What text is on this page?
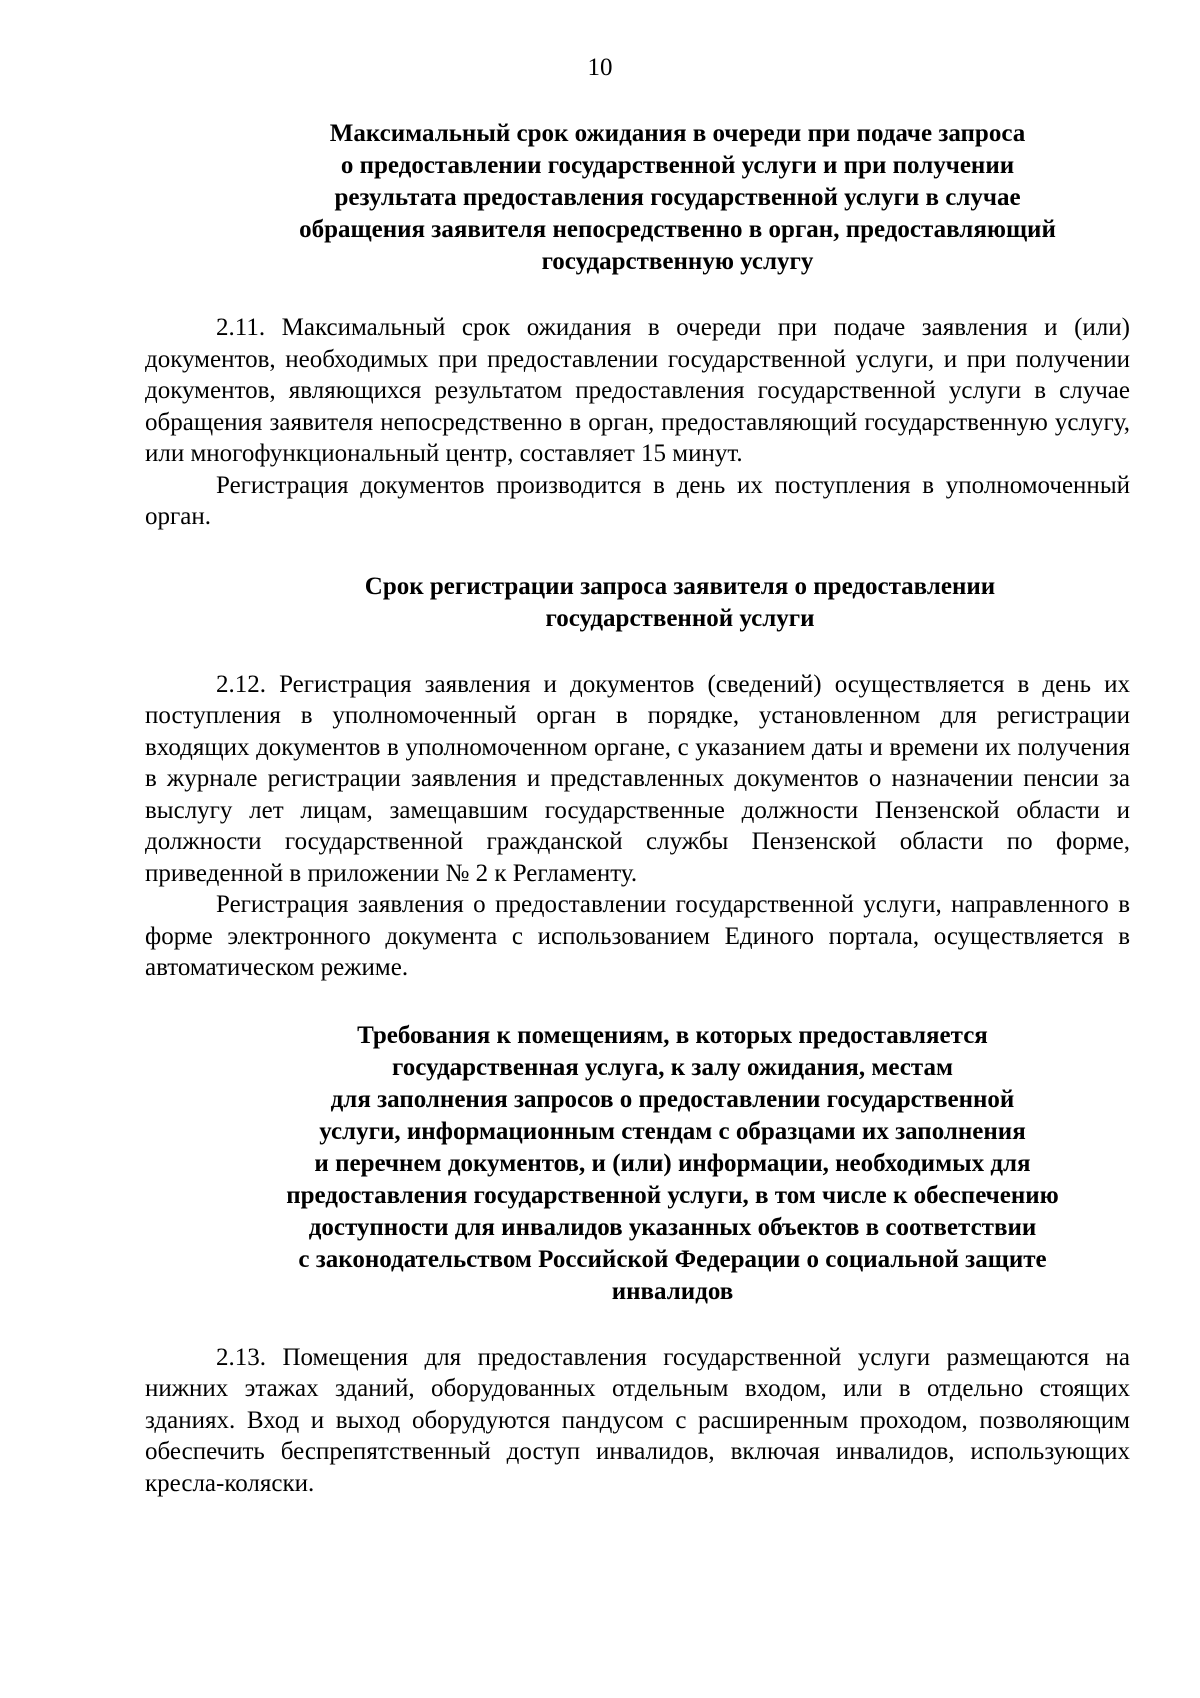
10
Максимальный срок ожидания в очереди при подаче запроса
о предоставлении государственной услуги и при получении
результата предоставления государственной услуги в случае
обращения заявителя непосредственно в орган, предоставляющий
государственную услугу

2.11. Максимальный срок ожидания в очереди при подаче заявления и (или) документов, необходимых при предоставлении государственной услуги, и при получении документов, являющихся результатом предоставления государственной услуги в случае обращения заявителя непосредственно в орган, предоставляющий государственную услугу, или многофункциональный центр, составляет 15 минут.

Регистрация документов производится в день их поступления в уполномоченный орган.

Срок регистрации запроса заявителя о предоставлении
государственной услуги

2.12. Регистрация заявления и документов (сведений) осуществляется в день их поступления в уполномоченный орган в порядке, установленном для регистрации входящих документов в уполномоченном органе, с указанием даты и времени их получения в журнале регистрации заявления и представленных документов о назначении пенсии за выслугу лет лицам, замещавшим государственные должности Пензенской области и должности государственной гражданской службы Пензенской области по форме, приведенной в приложении № 2 к Регламенту.

Регистрация заявления о предоставлении государственной услуги, направленного в форме электронного документа с использованием Единого портала, осуществляется в автоматическом режиме.

Требования к помещениям, в которых предоставляется
государственная услуга, к залу ожидания, местам
для заполнения запросов о предоставлении государственной
услуги, информационным стендам с образцами их заполнения
и перечнем документов, и (или) информации, необходимых для
предоставления государственной услуги, в том числе к обеспечению
доступности для инвалидов указанных объектов в соответствии
с законодательством Российской Федерации о социальной защите
инвалидов

2.13. Помещения для предоставления государственной услуги размещаются на нижних этажах зданий, оборудованных отдельным входом, или в отдельно стоящих зданиях. Вход и выход оборудуются пандусом с расширенным проходом, позволяющим обеспечить беспрепятственный доступ инвалидов, включая инвалидов, использующих кресла-коляски.
